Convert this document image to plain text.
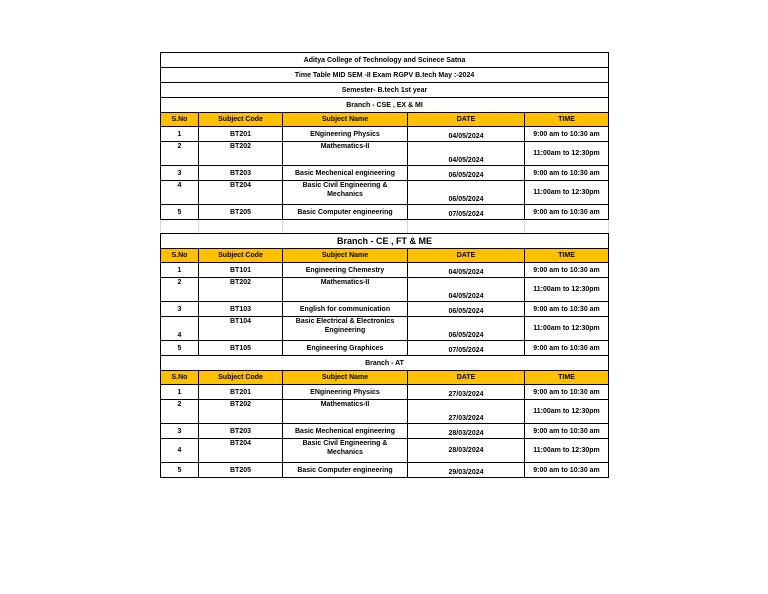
Aditya College of Technology and Scinece Satna				
Time Table MID SEM -II Exam RGPV B.tech May :-2024				
Semester- B.tech 1st year				
Branch - CSE , EX & MI				
S.No	Subject Code	Subject Name	DATE	TIME
1	BT201	ENgineering Physics	04/05/2024	9:00 am to 10:30 am
2	BT202	Mathematics-II	04/05/2024	11:00am to 12:30pm
3	BT203	Basic Mechenical engineering	06/05/2024	9:00 am to 10:30 am
4	BT204	Basic Civil Engineering & Mechanics	06/05/2024	11:00am to 12:30pm
5	BT205	Basic Computer engineering	07/05/2024	9:00 am to 10:30 am

Branch - CE , FT & ME				
S.No	Subject Code	Subject Name	DATE	TIME
1	BT101	Engineering Chemestry	04/05/2024	9:00 am to 10:30 am
2	BT202	Mathematics-II	04/05/2024	11:00am to 12:30pm
3	BT103	English for communication	06/05/2024	9:00 am to 10:30 am
4	BT104	Basic Electrical & Electronics Engineering	06/05/2024	11:00am to 12:30pm
5	BT105	Engineering Graphices	07/05/2024	9:00 am to 10:30 am
Branch - AT				
S.No	Subject Code	Subject Name	DATE	TIME
1	BT201	ENgineering Physics	27/03/2024	9:00 am to 10:30 am
2	BT202	Mathematics-II	27/03/2024	11:00am to 12:30pm
3	BT203	Basic Mechenical engineering	28/03/2024	9:00 am to 10:30 am
4	BT204	Basic Civil Engineering & Mechanics	28/03/2024	11:00am to 12:30pm
5	BT205	Basic Computer engineering	29/03/2024	9:00 am to 10:30 am
